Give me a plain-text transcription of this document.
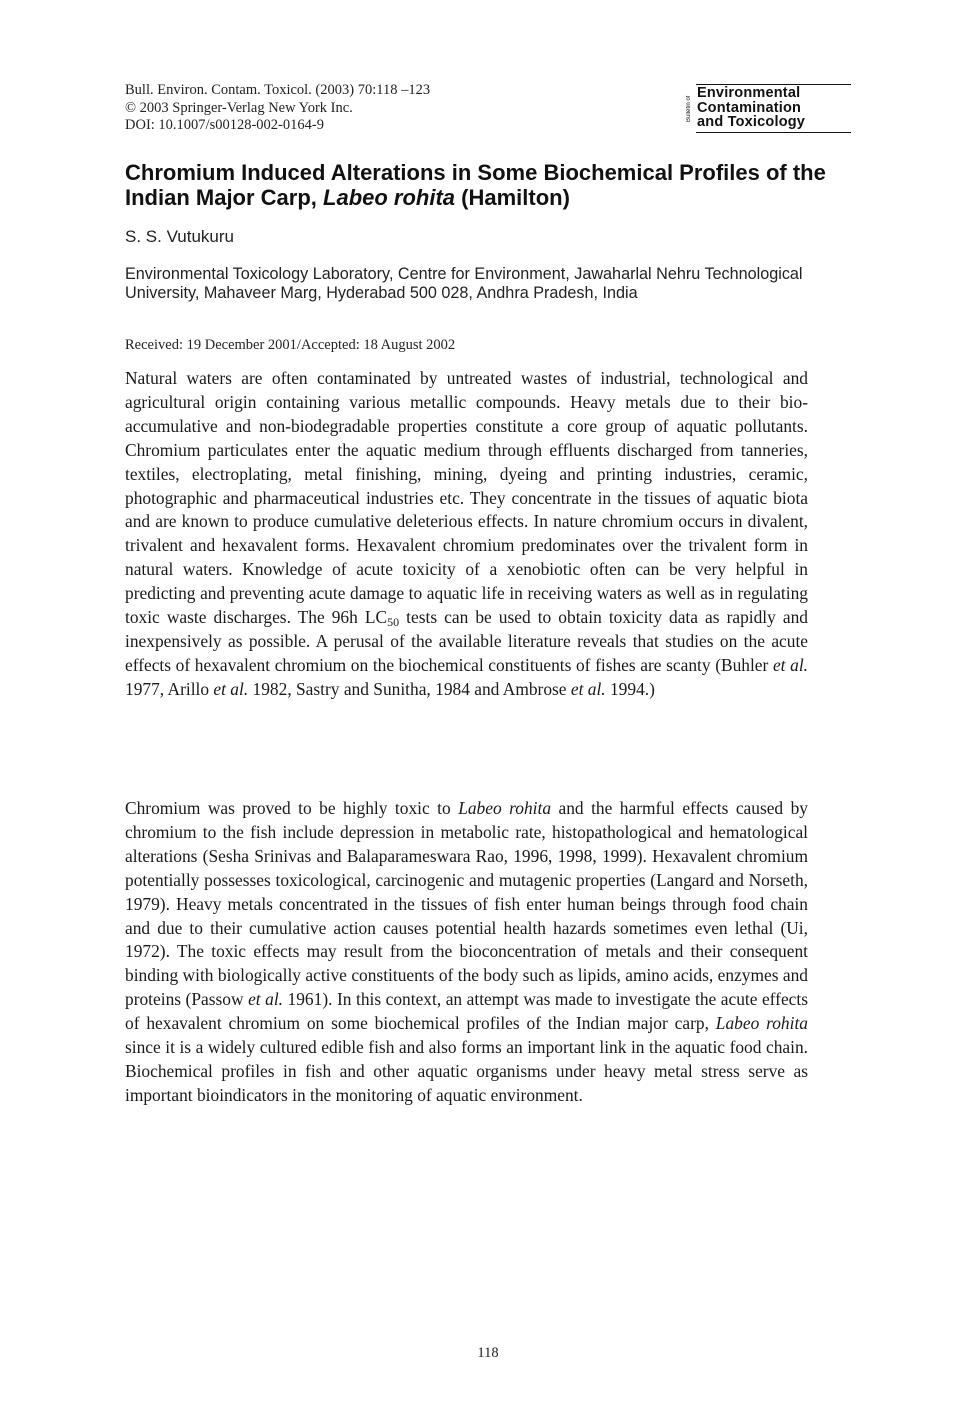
Bull. Environ. Contam. Toxicol. (2003) 70:118 –123
© 2003 Springer-Verlag New York Inc.
DOI: 10.1007/s00128-002-0164-9
Bulletin of
Environmental
Contamination
and Toxicology
Chromium Induced Alterations in Some Biochemical Profiles of the Indian Major Carp, Labeo rohita (Hamilton)
S. S. Vutukuru
Environmental Toxicology Laboratory, Centre for Environment, Jawaharlal Nehru Technological University, Mahaveer Marg, Hyderabad 500 028, Andhra Pradesh, India
Received: 19 December 2001/Accepted: 18 August 2002

Natural waters are often contaminated by untreated wastes of industrial, technological and agricultural origin containing various metallic compounds. Heavy metals due to their bio-accumulative and non-biodegradable properties constitute a core group of aquatic pollutants. Chromium particulates enter the aquatic medium through effluents discharged from tanneries, textiles, electroplating, metal finishing, mining, dyeing and printing industries, ceramic, photographic and pharmaceutical industries etc. They concentrate in the tissues of aquatic biota and are known to produce cumulative deleterious effects. In nature chromium occurs in divalent, trivalent and hexavalent forms. Hexavalent chromium predominates over the trivalent form in natural waters. Knowledge of acute toxicity of a xenobiotic often can be very helpful in predicting and preventing acute damage to aquatic life in receiving waters as well as in regulating toxic waste discharges. The 96h $LC_{50}$ tests can be used to obtain toxicity data as rapidly and inexpensively as possible. A perusal of the available literature reveals that studies on the acute effects of hexavalent chromium on the biochemical constituents of fishes are scanty (Buhler et al. 1977, Arillo et al. 1982, Sastry and Sunitha, 1984 and Ambrose et al. 1994.)

Chromium was proved to be highly toxic to Labeo rohita and the harmful effects caused by chromium to the fish include depression in metabolic rate, histopathological and hematological alterations (Sesha Srinivas and Balaparameswara Rao, 1996, 1998, 1999). Hexavalent chromium potentially possesses toxicological, carcinogenic and mutagenic properties (Langard and Norseth, 1979). Heavy metals concentrated in the tissues of fish enter human beings through food chain and due to their cumulative action causes potential health hazards sometimes even lethal (Ui, 1972). The toxic effects may result from the bioconcentration of metals and their consequent binding with biologically active constituents of the body such as lipids, amino acids, enzymes and proteins (Passow et al. 1961). In this context, an attempt was made to investigate the acute effects of hexavalent chromium on some biochemical profiles of the Indian major carp, Labeo rohita since it is a widely cultured edible fish and also forms an important link in the aquatic food chain. Biochemical profiles in fish and other aquatic organisms under heavy metal stress serve as important bioindicators in the monitoring of aquatic environment.

118
